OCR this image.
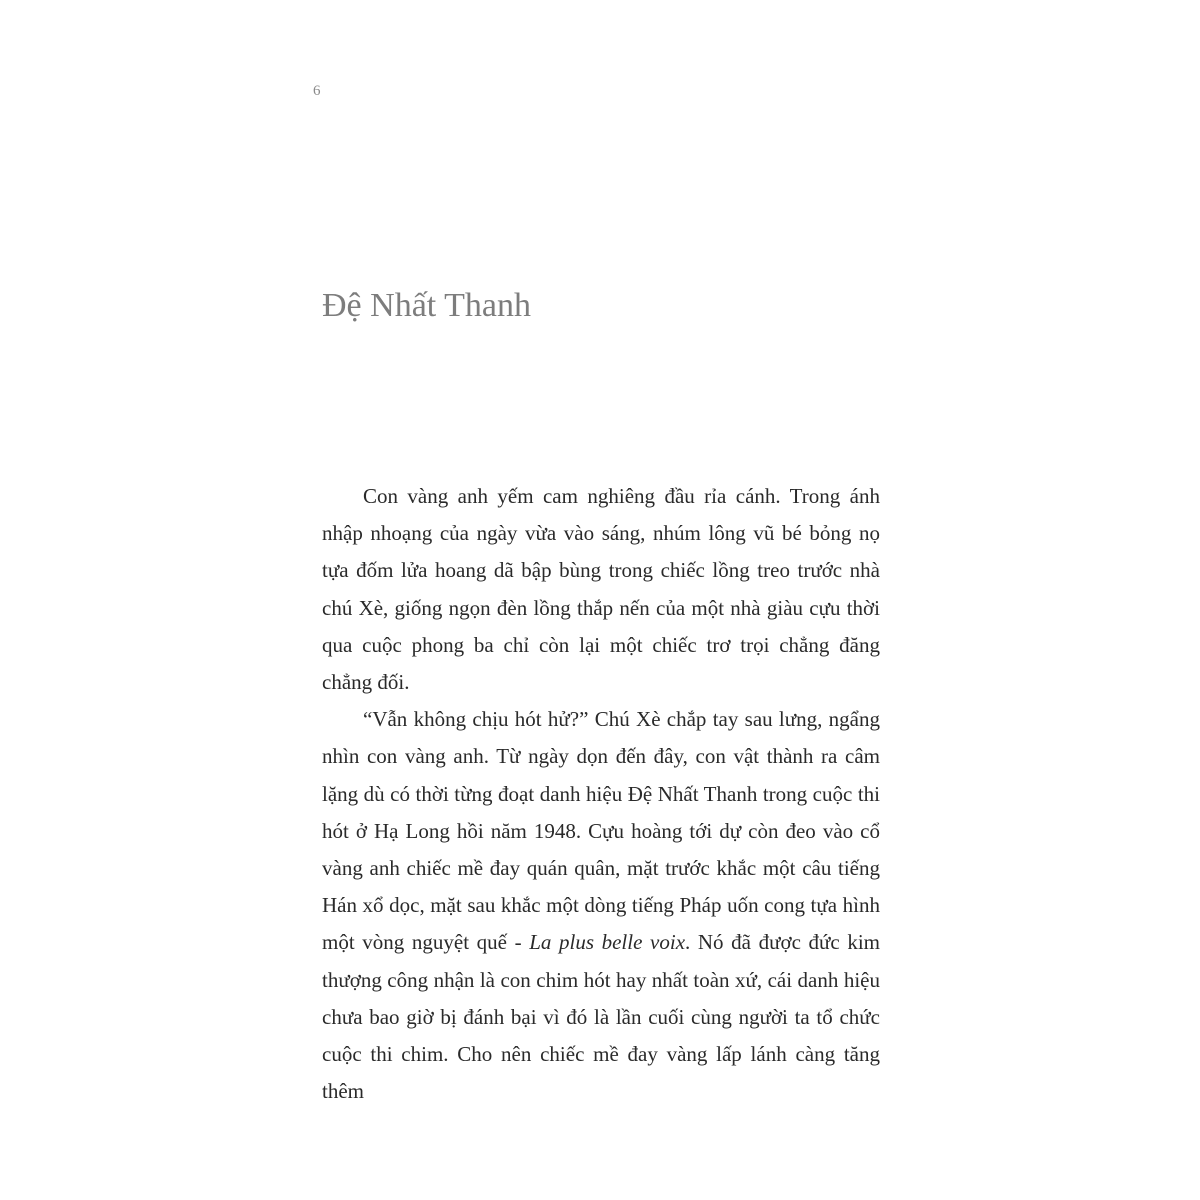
6
Đệ Nhất Thanh

Con vàng anh yếm cam nghiêng đầu rỉa cánh. Trong ánh nhập nhoạng của ngày vừa vào sáng, nhúm lông vũ bé bỏng nọ tựa đốm lửa hoang dã bập bùng trong chiếc lồng treo trước nhà chú Xè, giống ngọn đèn lồng thắp nến của một nhà giàu cựu thời qua cuộc phong ba chỉ còn lại một chiếc trơ trọi chẳng đăng chẳng đối.

“Vẫn không chịu hót hử?” Chú Xè chắp tay sau lưng, ngẩng nhìn con vàng anh. Từ ngày dọn đến đây, con vật thành ra câm lặng dù có thời từng đoạt danh hiệu Đệ Nhất Thanh trong cuộc thi hót ở Hạ Long hồi năm 1948. Cựu hoàng tới dự còn đeo vào cổ vàng anh chiếc mề đay quán quân, mặt trước khắc một câu tiếng Hán xổ dọc, mặt sau khắc một dòng tiếng Pháp uốn cong tựa hình một vòng nguyệt quế - La plus belle voix. Nó đã được đức kim thượng công nhận là con chim hót hay nhất toàn xứ, cái danh hiệu chưa bao giờ bị đánh bại vì đó là lần cuối cùng người ta tổ chức cuộc thi chim. Cho nên chiếc mề đay vàng lấp lánh càng tăng thêm
